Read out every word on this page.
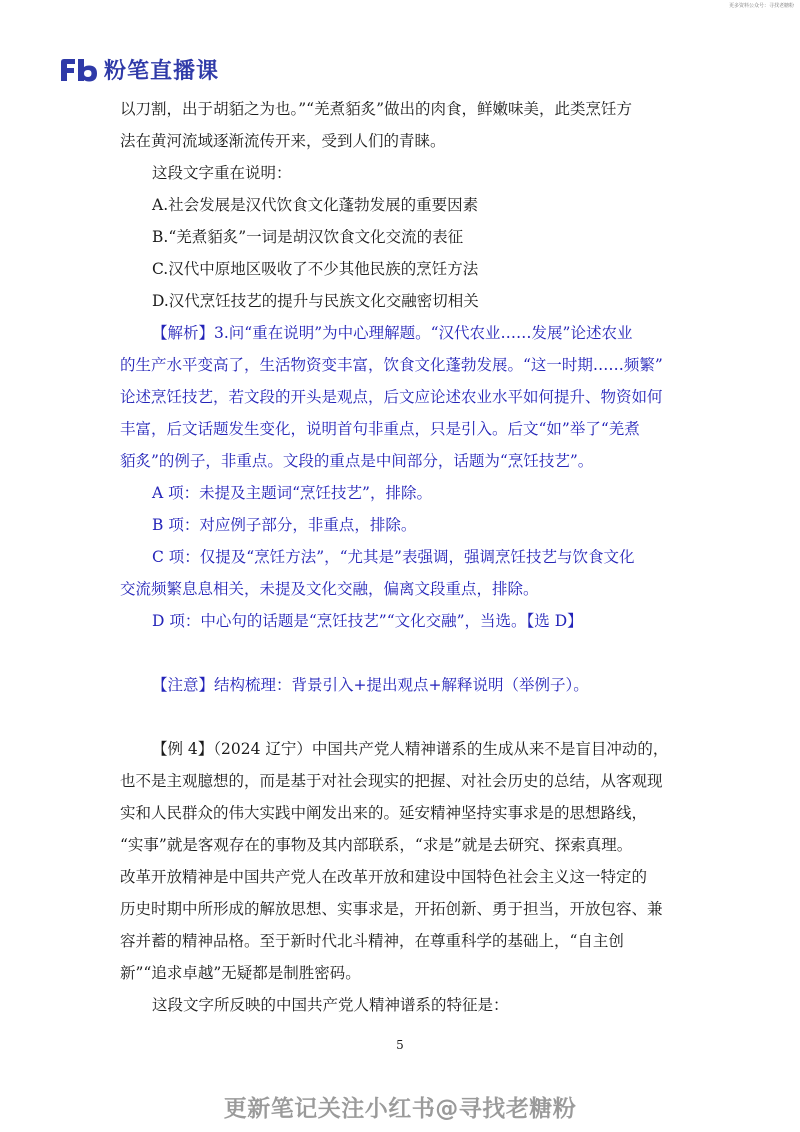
更多资料公众号：寻找老糖粉
粉笔直播课
以刀割，出于胡貊之为也。”“羌煮貊炙”做出的肉食，鲜嫩味美，此类烹饪方
法在黄河流域逐渐流传开来，受到人们的青睐。
这段文字重在说明：
A.社会发展是汉代饮食文化蓬勃发展的重要因素
B.“羌煮貊炙”一词是胡汉饮食文化交流的表征
C.汉代中原地区吸收了不少其他民族的烹饪方法
D.汉代烹饪技艺的提升与民族文化交融密切相关
【解析】3.问“重在说明”为中心理解题。“汉代农业……发展”论述农业
的生产水平变高了，生活物资变丰富，饮食文化蓬勃发展。“这一时期……频繁”
论述烹饪技艺，若文段的开头是观点，后文应论述农业水平如何提升、物资如何
丰富，后文话题发生变化，说明首句非重点，只是引入。后文“如”举了“羌煮
貊炙”的例子，非重点。文段的重点是中间部分，话题为“烹饪技艺”。
A 项：未提及主题词“烹饪技艺”，排除。
B 项：对应例子部分，非重点，排除。
C 项：仅提及“烹饪方法”，“尤其是”表强调，强调烹饪技艺与饮食文化
交流频繁息息相关，未提及文化交融，偏离文段重点，排除。
D 项：中心句的话题是“烹饪技艺”“文化交融”，当选。【选 D】
【注意】结构梳理：背景引入+提出观点+解释说明（举例子）。
【例 4】（2024 辽宁）中国共产党人精神谱系的生成从来不是盲目冲动的，
也不是主观臆想的，而是基于对社会现实的把握、对社会历史的总结，从客观现
实和人民群众的伟大实践中阐发出来的。延安精神坚持实事求是的思想路线，
“实事”就是客观存在的事物及其内部联系，“求是”就是去研究、探索真理。
改革开放精神是中国共产党人在改革开放和建设中国特色社会主义这一特定的
历史时期中所形成的解放思想、实事求是，开拓创新、勇于担当，开放包容、兼
容并蓄的精神品格。至于新时代北斗精神，在尊重科学的基础上，“自主创
新”“追求卓越”无疑都是制胜密码。
这段文字所反映的中国共产党人精神谱系的特征是：
5
更新笔记关注小红书@寻找老糖粉
